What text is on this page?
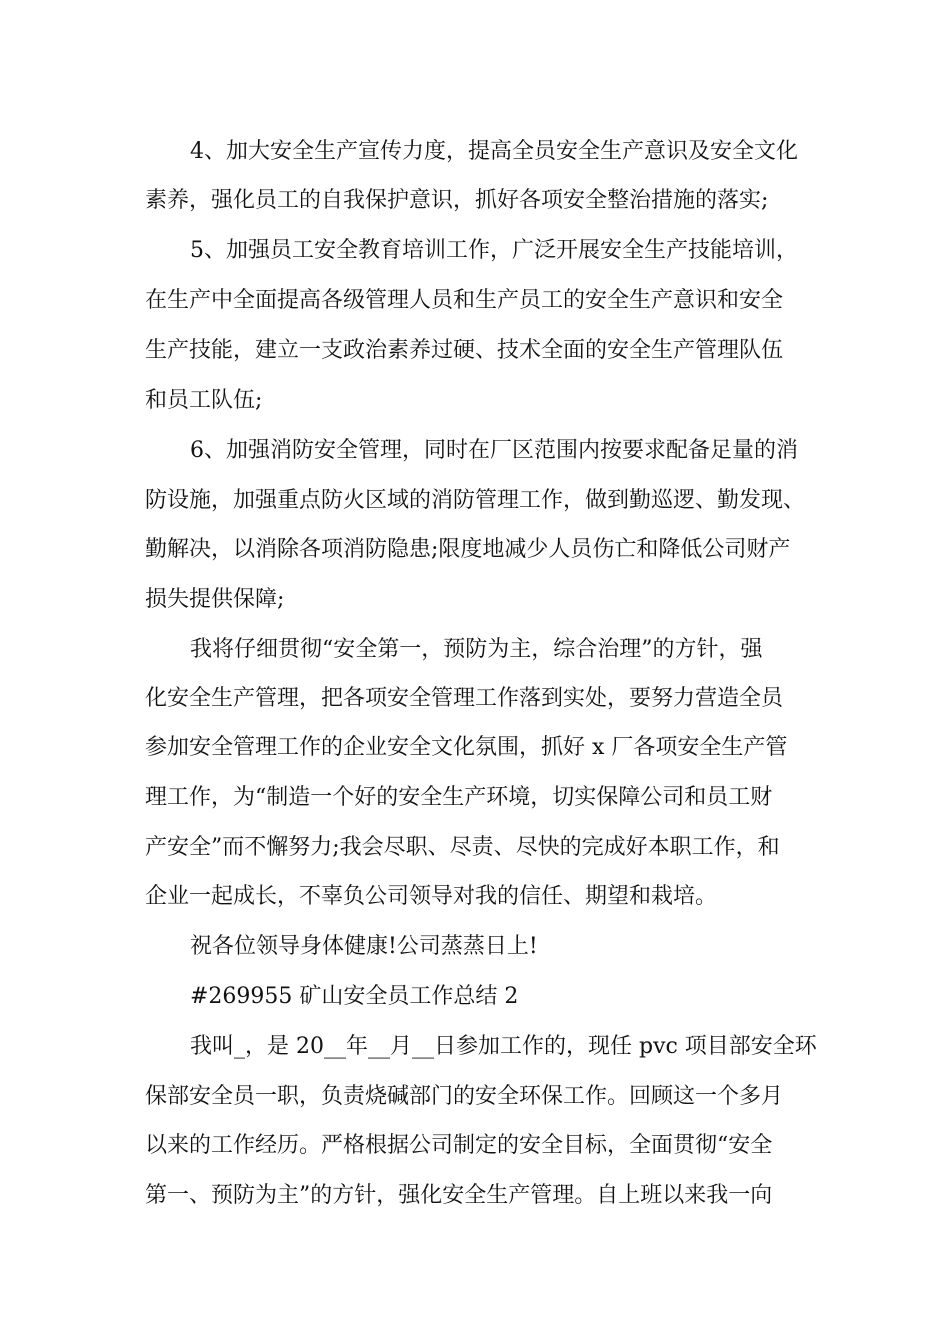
4、加大安全生产宣传力度，提高全员安全生产意识及安全文化
素养，强化员工的自我保护意识，抓好各项安全整治措施的落实;
5、加强员工安全教育培训工作，广泛开展安全生产技能培训，
在生产中全面提高各级管理人员和生产员工的安全生产意识和安全
生产技能，建立一支政治素养过硬、技术全面的安全生产管理队伍
和员工队伍;
6、加强消防安全管理，同时在厂区范围内按要求配备足量的消
防设施，加强重点防火区域的消防管理工作，做到勤巡逻、勤发现、
勤解决，以消除各项消防隐患;限度地减少人员伤亡和降低公司财产
损失提供保障;
我将仔细贯彻“安全第一，预防为主，综合治理”的方针，强
化安全生产管理，把各项安全管理工作落到实处，要努力营造全员
参加安全管理工作的企业安全文化氛围，抓好 x 厂各项安全生产管
理工作，为“制造一个好的安全生产环境，切实保障公司和员工财
产安全”而不懈努力;我会尽职、尽责、尽快的完成好本职工作，和
企业一起成长，不辜负公司领导对我的信任、期望和栽培。
祝各位领导身体健康!公司蒸蒸日上!
#269955 矿山安全员工作总结 2
我叫_，是 20__年__月__日参加工作的，现任 pvc 项目部安全环
保部安全员一职，负责烧碱部门的安全环保工作。回顾这一个多月
以来的工作经历。严格根据公司制定的安全目标，全面贯彻“安全
第一、预防为主”的方针，强化安全生产管理。自上班以来我一向
